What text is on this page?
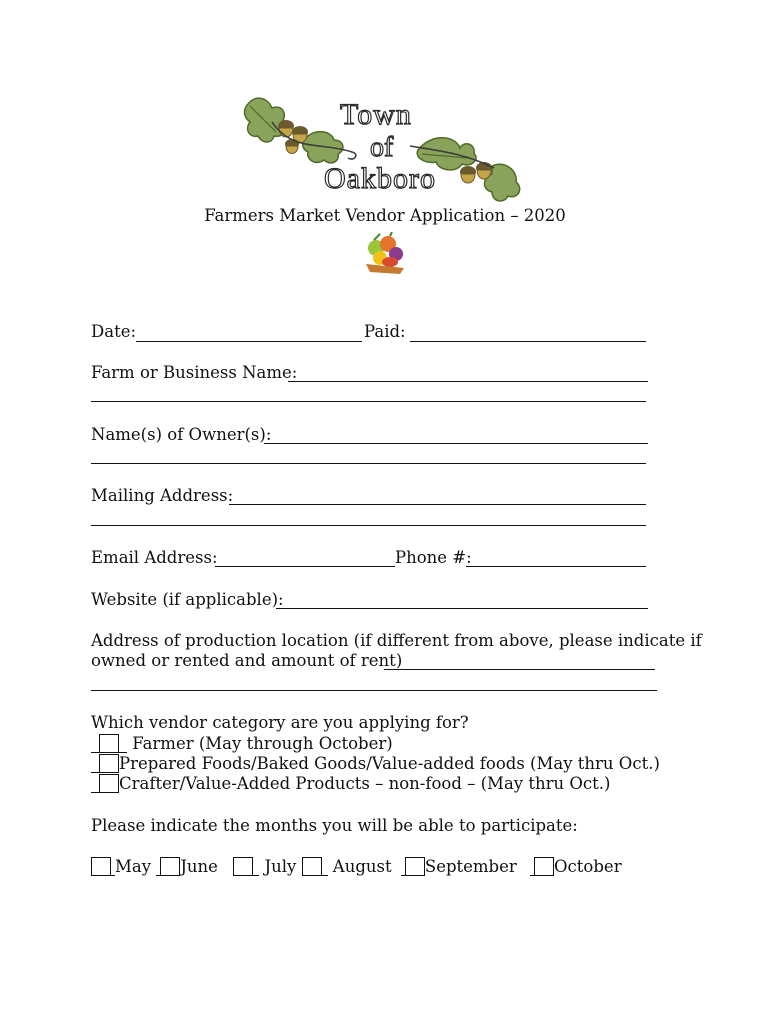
Town
of
Oakboro
Farmers Market Vendor Application – 2020
Date:	Paid:
Farm or Business Name:
Name(s) of Owner(s):
Mailing Address:
Email Address:	Phone #:
Website (if applicable):
Address of production location (if different from above, please indicate if
owned or rented and amount of rent)
Which vendor category are you applying for?
Farmer (May through October)
Prepared Foods/Baked Goods/Value-added foods (May thru Oct.)
Crafter/Value-Added Products – non-food – (May thru Oct.)
Please indicate the months you will be able to participate:
May June	July August September October
